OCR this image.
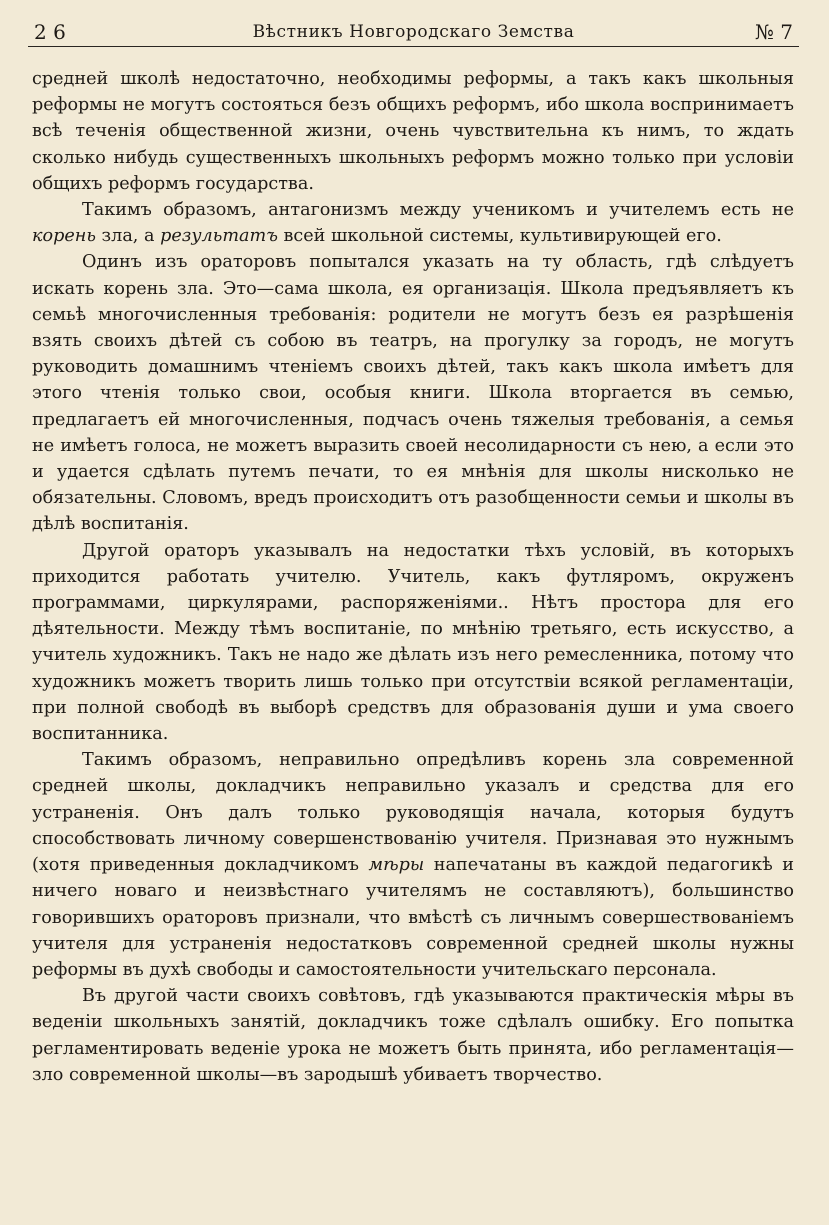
2 6	Вѣстникъ Новгородскаго Земства	№ 7

средней школѣ недостаточно, необходимы реформы, а такъ какъ школьныя реформы не могутъ состояться безъ общихъ реформъ, ибо школа воспринимаетъ всѣ теченія общественной жизни, очень чувствительна къ нимъ, то ждать сколько нибудь существенныхъ школьныхъ реформъ можно только при условіи общихъ реформъ государства.

Такимъ образомъ, антагонизмъ между ученикомъ и учителемъ есть не корень зла, а результатъ всей школьной системы, культивирующей его.

Одинъ изъ ораторовъ попытался указать на ту область, гдѣ слѣдуетъ искать корень зла. Это—сама школа, ея организація. Школа предъявляетъ къ семьѣ многочисленныя требованія: родители не могутъ безъ ея разрѣшенія взять своихъ дѣтей съ собою въ театръ, на прогулку за городъ, не могутъ руководить домашнимъ чтеніемъ своихъ дѣтей, такъ какъ школа имѣетъ для этого чтенія только свои, особыя книги. Школа вторгается въ семью, предлагаетъ ей многочисленныя, подчасъ очень тяжелыя требованія, а семья не имѣетъ голоса, не можетъ выразить своей несолидарности съ нею, а если это и удается сдѣлать путемъ печати, то ея мнѣнія для школы нисколько не обязательны. Словомъ, вредъ происходитъ отъ разобщенности семьи и школы въ дѣлѣ воспитанія.

Другой ораторъ указывалъ на недостатки тѣхъ условій, въ которыхъ приходится работать учителю. Учитель, какъ футляромъ, окруженъ программами, циркулярами, распоряженіями.. Нѣтъ простора для его дѣятельности. Между тѣмъ воспитаніе, по мнѣнію третьяго, есть искусство, а учитель художникъ. Такъ не надо же дѣлать изъ него ремесленника, потому что художникъ можетъ творить лишь только при отсутствіи всякой регламентаціи, при полной свободѣ въ выборѣ средствъ для образованія души и ума своего воспитанника.

Такимъ образомъ, неправильно опредѣливъ корень зла современной средней школы, докладчикъ неправильно указалъ и средства для его устраненія. Онъ далъ только руководящія начала, которыя будутъ способствовать личному совершенствованію учителя. Признавая это нужнымъ (хотя приведенныя докладчикомъ мѣры напечатаны въ каждой педагогикѣ и ничего новаго и неизвѣстнаго учителямъ не составляютъ), большинство говорившихъ ораторовъ признали, что вмѣстѣ съ личнымъ совершествованіемъ учителя для устраненія недостатковъ современной средней школы нужны реформы въ духѣ свободы и самостоятельности учительскаго персонала.

Въ другой части своихъ совѣтовъ, гдѣ указываются практическія мѣры въ веденіи школьныхъ занятій, докладчикъ тоже сдѣлалъ ошибку. Его попытка регламентировать веденіе урока не можетъ быть принята, ибо регламентація—зло современной школы—въ зародышѣ убиваетъ творчество.
